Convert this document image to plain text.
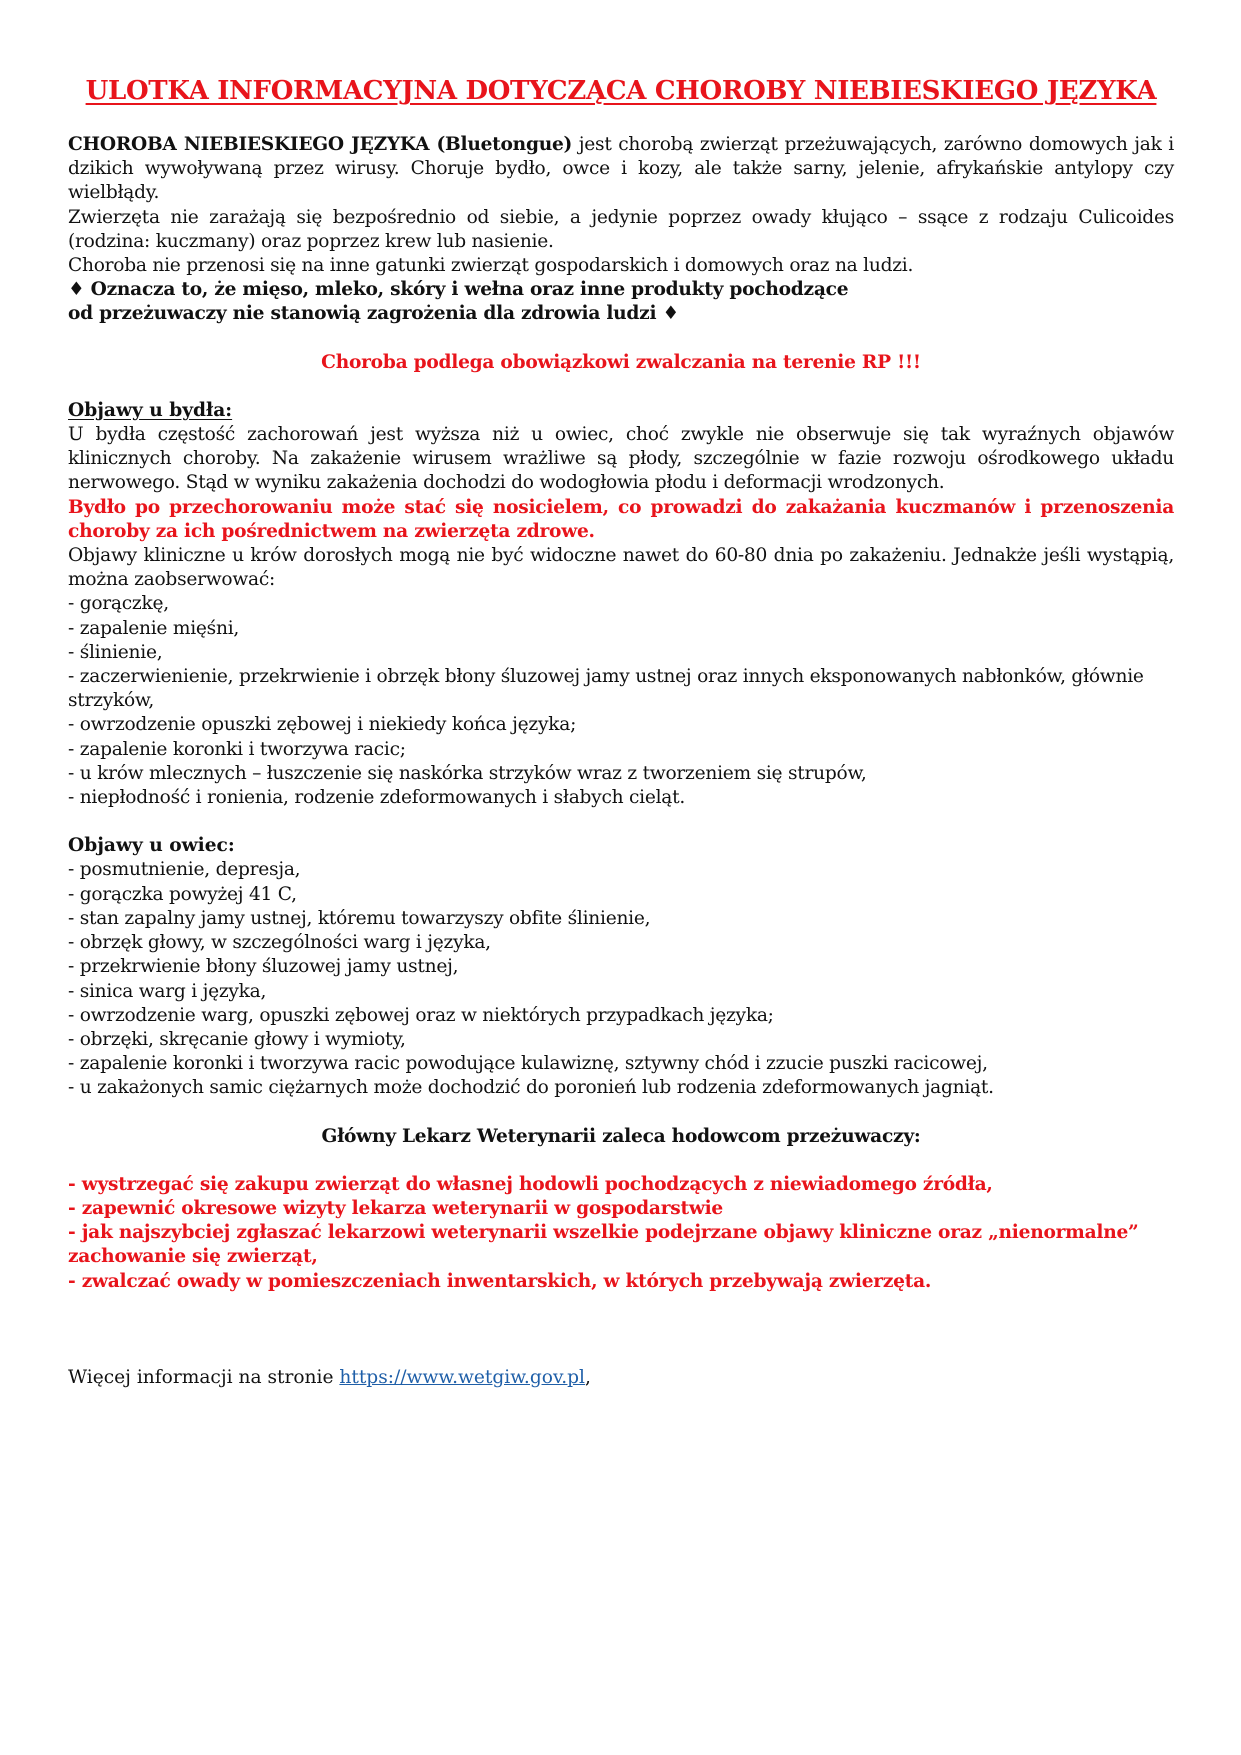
ULOTKA INFORMACYJNA DOTYCZĄCA CHOROBY NIEBIESKIEGO JĘZYKA

CHOROBA NIEBIESKIEGO JĘZYKA (Bluetongue) jest chorobą zwierząt przeżuwających, zarówno domowych jak i dzikich wywoływaną przez wirusy. Choruje bydło, owce i kozy, ale także sarny, jelenie, afrykańskie antylopy czy wielbłądy.

Zwierzęta nie zarażają się bezpośrednio od siebie, a jedynie poprzez owady kłująco – ssące z rodzaju Culicoides (rodzina: kuczmany) oraz poprzez krew lub nasienie.

Choroba nie przenosi się na inne gatunki zwierząt gospodarskich i domowych oraz na ludzi.

♦ Oznacza to, że mięso, mleko, skóry i wełna oraz inne produkty pochodzące

od przeżuwaczy nie stanowią zagrożenia dla zdrowia ludzi ♦

Choroba podlega obowiązkowi zwalczania na terenie RP !!!

Objawy u bydła:

U bydła częstość zachorowań jest wyższa niż u owiec, choć zwykle nie obserwuje się tak wyraźnych objawów klinicznych choroby. Na zakażenie wirusem wrażliwe są płody, szczególnie w fazie rozwoju ośrodkowego układu nerwowego. Stąd w wyniku zakażenia dochodzi do wodogłowia płodu i deformacji wrodzonych.

Bydło po przechorowaniu może stać się nosicielem, co prowadzi do zakażania kuczmanów i przenoszenia choroby za ich pośrednictwem na zwierzęta zdrowe.

Objawy kliniczne u krów dorosłych mogą nie być widoczne nawet do 60-80 dnia po zakażeniu. Jednakże jeśli wystąpią, można zaobserwować:

- gorączkę,
- zapalenie mięśni,
- ślinienie,
- zaczerwienienie, przekrwienie i obrzęk błony śluzowej jamy ustnej oraz innych eksponowanych nabłonków, głównie strzyków,
- owrzodzenie opuszki zębowej i niekiedy końca języka;
- zapalenie koronki i tworzywa racic;
- u krów mlecznych – łuszczenie się naskórka strzyków wraz z tworzeniem się strupów,
- niepłodność i ronienia, rodzenie zdeformowanych i słabych cieląt.

Objawy u owiec:

- posmutnienie, depresja,
- gorączka powyżej 41 C,
- stan zapalny jamy ustnej, któremu towarzyszy obfite ślinienie,
- obrzęk głowy, w szczególności warg i języka,
- przekrwienie błony śluzowej jamy ustnej,
- sinica warg i języka,
- owrzodzenie warg, opuszki zębowej oraz w niektórych przypadkach języka;
- obrzęki, skręcanie głowy i wymioty,
- zapalenie koronki i tworzywa racic powodujące kulawiznę, sztywny chód i zzucie puszki racicowej,
- u zakażonych samic ciężarnych może dochodzić do poronień lub rodzenia zdeformowanych jagniąt.

Główny Lekarz Weterynarii zaleca hodowcom przeżuwaczy:

- wystrzegać się zakupu zwierząt do własnej hodowli pochodzących z niewiadomego źródła,
- zapewnić okresowe wizyty lekarza weterynarii w gospodarstwie
- jak najszybciej zgłaszać lekarzowi weterynarii wszelkie podejrzane objawy kliniczne oraz „nienormalne” zachowanie się zwierząt,
- zwalczać owady w pomieszczeniach inwentarskich, w których przebywają zwierzęta.

Więcej informacji na stronie https://www.wetgiw.gov.pl,
